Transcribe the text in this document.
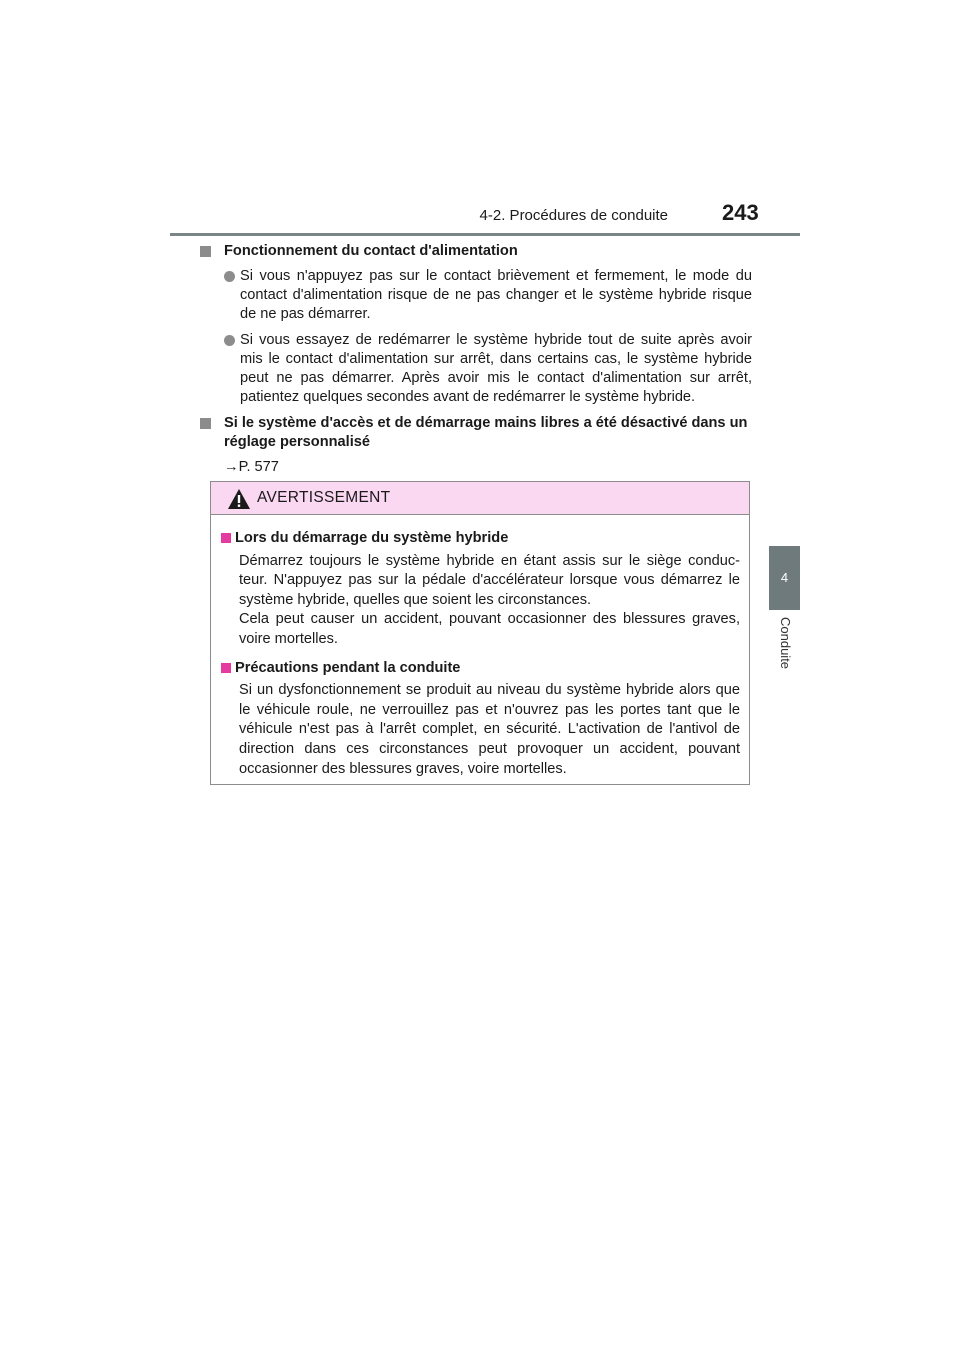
4-2. Procédures de conduite 243
4
Conduite
Fonctionnement du contact d'alimentation
Si vous n'appuyez pas sur le contact brièvement et fermement, le mode du contact d'alimentation risque de ne pas changer et le système hybride risque de ne pas démarrer.
Si vous essayez de redémarrer le système hybride tout de suite après avoir mis le contact d'alimentation sur arrêt, dans certains cas, le système hybride peut ne pas démarrer. Après avoir mis le contact d'alimentation sur arrêt, patientez quelques secondes avant de redémarrer le système hybride.
Si le système d'accès et de démarrage mains libres a été désactivé dans un réglage personnalisé
→P. 577
AVERTISSEMENT
Lors du démarrage du système hybride

Démarrez toujours le système hybride en étant assis sur le siège conduc-teur. N'appuyez pas sur la pédale d'accélérateur lorsque vous démarrez le système hybride, quelles que soient les circonstances.

Cela peut causer un accident, pouvant occasionner des blessures graves, voire mortelles.

Précautions pendant la conduite

Si un dysfonctionnement se produit au niveau du système hybride alors que le véhicule roule, ne verrouillez pas et n'ouvrez pas les portes tant que le véhicule n'est pas à l'arrêt complet, en sécurité. L'activation de l'antivol de direction dans ces circonstances peut provoquer un accident, pouvant occasionner des blessures graves, voire mortelles.
